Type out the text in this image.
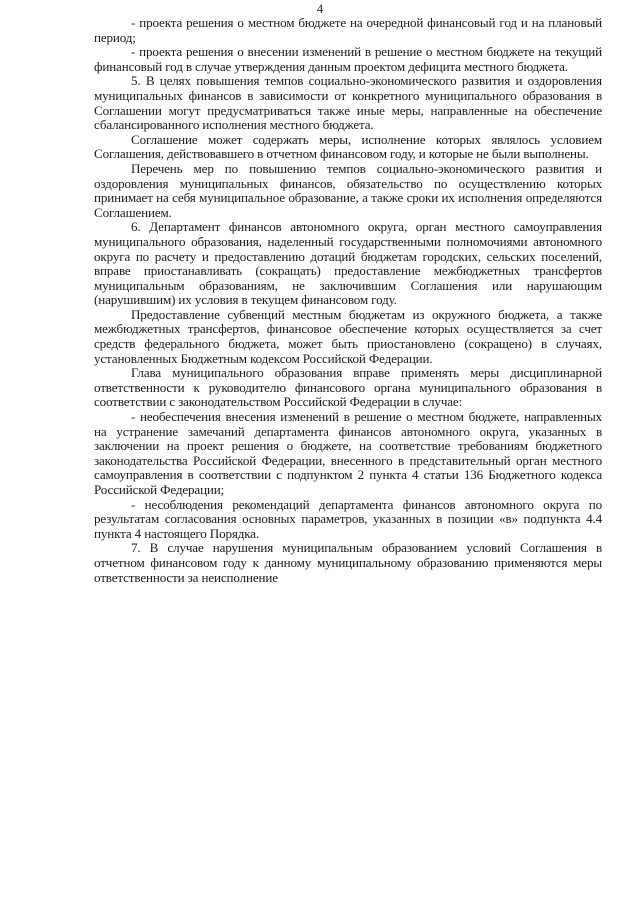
4

- проекта решения о местном бюджете на очередной финансовый год и на плановый период;

- проекта решения о внесении изменений в решение о местном бюджете на текущий финансовый год в случае утверждения данным проектом дефицита местного бюджета.

5. В целях повышения темпов социально-экономического развития и оздоровления муниципальных финансов в зависимости от конкретного муниципального образования в Соглашении могут предусматриваться также иные меры, направленные на обеспечение сбалансированного исполнения местного бюджета.

Соглашение может содержать меры, исполнение которых являлось условием Соглашения, действовавшего в отчетном финансовом году, и которые не были выполнены.

Перечень мер по повышению темпов социально-экономического развития и оздоровления муниципальных финансов, обязательство по осуществлению которых принимает на себя муниципальное образование, а также сроки их исполнения определяются Соглашением.

6. Департамент финансов автономного округа, орган местного самоуправления муниципального образования, наделенный государственными полномочиями автономного округа по расчету и предоставлению дотаций бюджетам городских, сельских поселений, вправе приостанавливать (сокращать) предоставление межбюджетных трансфертов муниципальным образованиям, не заключившим Соглашения или нарушающим (нарушившим) их условия в текущем финансовом году.

Предоставление субвенций местным бюджетам из окружного бюджета, а также межбюджетных трансфертов, финансовое обеспечение которых осуществляется за счет средств федерального бюджета, может быть приостановлено (сокращено) в случаях, установленных Бюджетным кодексом Российской Федерации.

Глава муниципального образования вправе применять меры дисциплинарной ответственности к руководителю финансового органа муниципального образования в соответствии с законодательством Российской Федерации в случае:

- необеспечения внесения изменений в решение о местном бюджете, направленных на устранение замечаний департамента финансов автономного округа, указанных в заключении на проект решения о бюджете, на соответствие требованиям бюджетного законодательства Российской Федерации, внесенного в представительный орган местного самоуправления в соответствии с подпунктом 2 пункта 4 статьи 136 Бюджетного кодекса Российской Федерации;

- несоблюдения рекомендаций департамента финансов автономного округа по результатам согласования основных параметров, указанных в позиции «в» подпункта 4.4 пункта 4 настоящего Порядка.

7. В случае нарушения муниципальным образованием условий Соглашения в отчетном финансовом году к данному муниципальному образованию применяются меры ответственности за неисполнение
